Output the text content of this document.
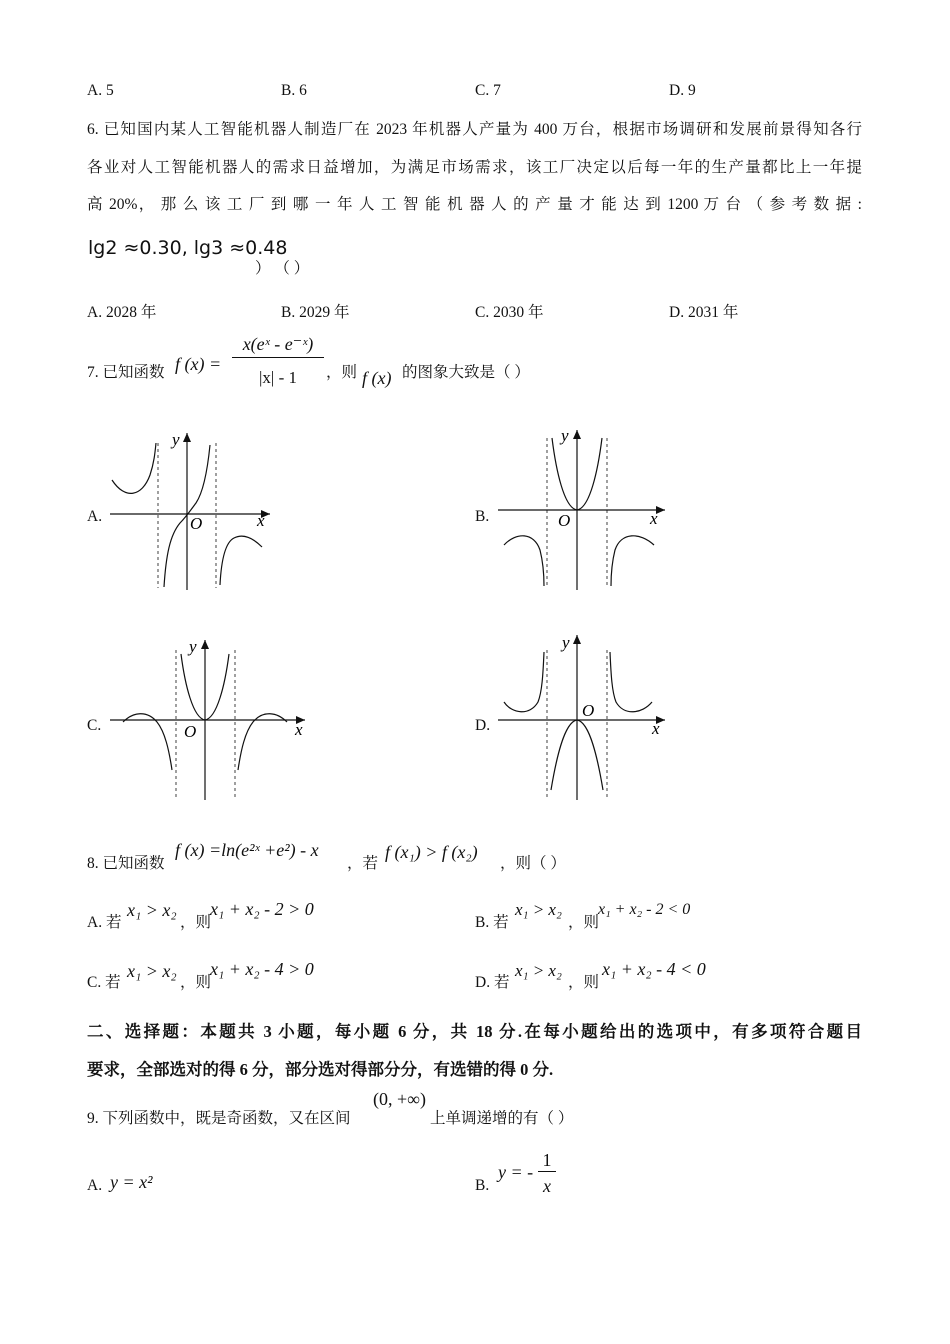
A. 5	B. 6	C. 7	D. 9
6. 已知国内某人工智能机器人制造厂在 2023 年机器人产量为 400 万台，根据市场调研和发展前景得知各行
各业对人工智能机器人的需求日益增加，为满足市场需求，该工厂决定以后每一年的生产量都比上一年提
高 20%， 那 么 该 工 厂 到 哪 一 年 人 工 智 能 机 器 人 的 产 量 才 能 达 到 1200 万 台 （ 参 考 数 据 :
lg2 ≈0.30, lg3 ≈0.48
） （ ）
A. 2028 年	B. 2029 年	C. 2030 年	D. 2031 年
7. 已知函数 f (x) =
x(eˣ - e⁻ˣ)
|x| - 1	，则 f (x) 的图象大致是（ ）
A.	B.
C.	D.
y
x
O
y
x
O
y
x
O
y
x
O
8. 已知函数
f (x) =ln(e²ˣ +e²) - x
，若
f (x₁) > f (x₂)
，则（ ）
A. 若
x₁ > x₂
，则
x₁ + x₂ - 2 > 0
B. 若
x₁ > x₂
，则
x₁ + x₂ - 2 < 0
C. 若
x₁ > x₂
，则
x₁ + x₂ - 4 > 0
D. 若
x₁ > x₂
，则
x₁ + x₂ - 4 < 0
二、选择题：本题共 3 小题，每小题 6 分，共 18 分.在每小题给出的选项中，有多项符合题目
要求，全部选对的得 6 分，部分选对得部分分，有选错的得 0 分.
9. 下列函数中，既是奇函数，又在区间
(0, +∞)
上单调递增的有（ ）
A. y = x²	B.
y = -
1
x
